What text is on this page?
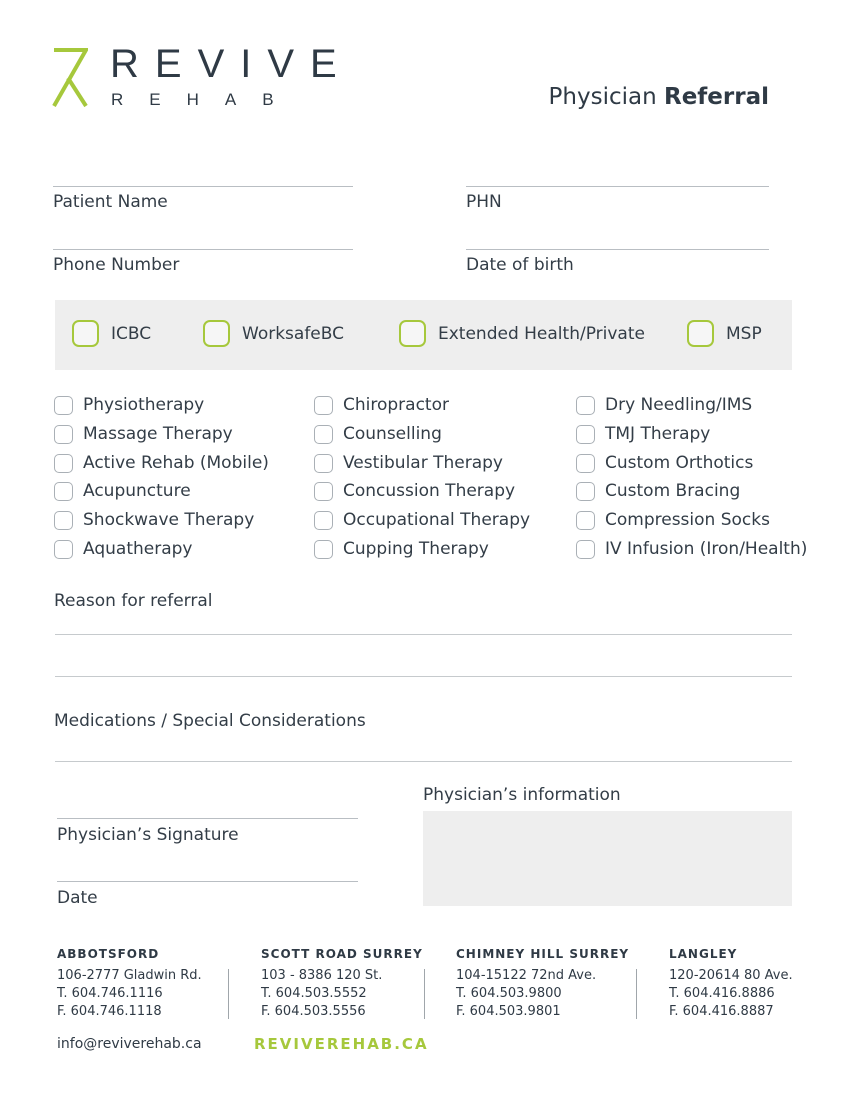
REVIVE
REHAB	Physician Referral
Patient Name	PHN
Phone Number	Date of birth
ICBC	WorksafeBC	Extended Health/Private	MSP
Physiotherapy
Massage Therapy
Active Rehab (Mobile)
Acupuncture
Shockwave Therapy
Aquatherapy
Chiropractor
Counselling
Vestibular Therapy
Concussion Therapy
Occupational Therapy
Cupping Therapy
Dry Needling/IMS
TMJ Therapy
Custom Orthotics
Custom Bracing
Compression Socks
IV Infusion (Iron/Health)
Reason for referral
Medications / Special Considerations
Physician’s information
Physician’s Signature
Date
ABBOTSFORD
106-2777 Gladwin Rd.
T. 604.746.1116
F. 604.746.1118
SCOTT ROAD SURREY
103 - 8386 120 St.
T. 604.503.5552
F. 604.503.5556
CHIMNEY HILL SURREY
104-15122 72nd Ave.
T. 604.503.9800
F. 604.503.9801
LANGLEY
120-20614 80 Ave.
T. 604.416.8886
F. 604.416.8887
info@reviverehab.ca	REVIVEREHAB.CA
